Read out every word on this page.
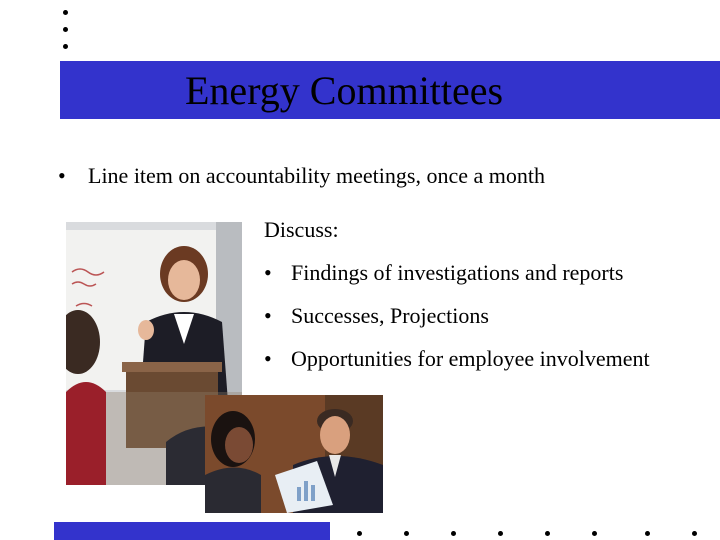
Energy Committees
• Line item on accountability meetings, once a month
Discuss:
• Findings of investigations and reports
• Successes, Projections
• Opportunities for employee involvement
